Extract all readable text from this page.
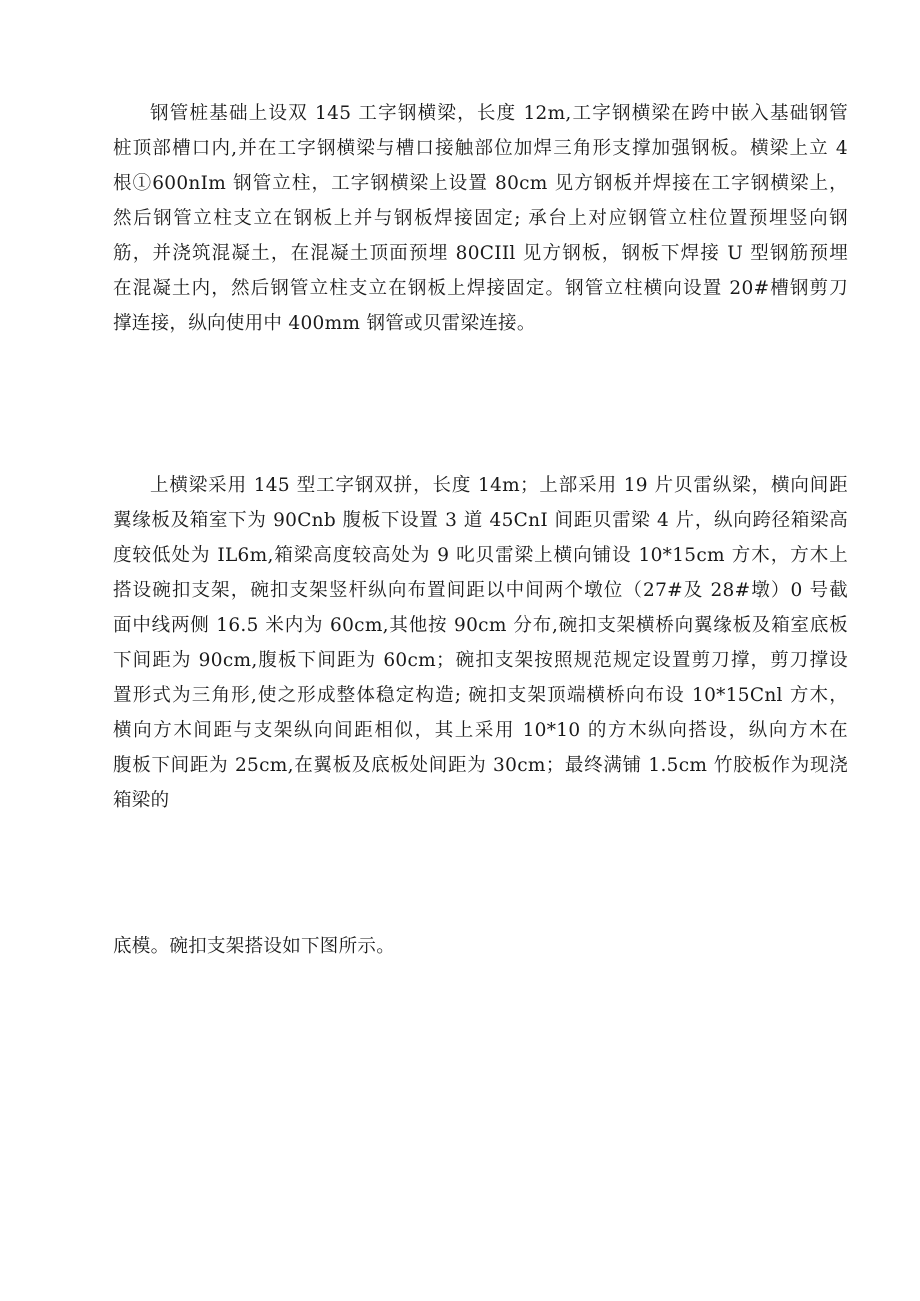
钢管桩基础上设双 145 工字钢横梁，长度 12m,工字钢横梁在跨中嵌入基础钢管
桩顶部槽口内,并在工字钢横梁与槽口接触部位加焊三角形支撑加强钢板。横梁上立 4
根①600nIm 钢管立柱，工字钢横梁上设置 80cm 见方钢板并焊接在工字钢横梁上，
然后钢管立柱支立在钢板上并与钢板焊接固定; 承台上对应钢管立柱位置预埋竖向钢
筋，并浇筑混凝土，在混凝土顶面预埋 80CIIl 见方钢板，钢板下焊接 U 型钢筋预埋
在混凝土内，然后钢管立柱支立在钢板上焊接固定。钢管立柱横向设置 20#槽钢剪刀
撑连接，纵向使用中 400mm 钢管或贝雷梁连接。
上横梁采用 145 型工字钢双拼，长度 14m；上部采用 19 片贝雷纵梁，横向间距
翼缘板及箱室下为 90Cnb 腹板下设置 3 道 45CnI 间距贝雷梁 4 片，纵向跨径箱梁高
度较低处为 IL6m,箱梁高度较高处为 9 叱贝雷梁上横向铺设 10*15cm 方木，方木上
搭设碗扣支架，碗扣支架竖杆纵向布置间距以中间两个墩位（27#及 28#墩）0 号截
面中线两侧 16.5 米内为 60cm,其他按 90cm 分布,碗扣支架横桥向翼缘板及箱室底板
下间距为 90cm,腹板下间距为 60cm；碗扣支架按照规范规定设置剪刀撑，剪刀撑设
置形式为三角形,使之形成整体稳定构造; 碗扣支架顶端横桥向布设 10*15Cnl 方木，
横向方木间距与支架纵向间距相似，其上采用 10*10 的方木纵向搭设，纵向方木在
腹板下间距为 25cm,在翼板及底板处间距为 30cm；最终满铺 1.5cm 竹胶板作为现浇
箱梁的
底模。碗扣支架搭设如下图所示。
